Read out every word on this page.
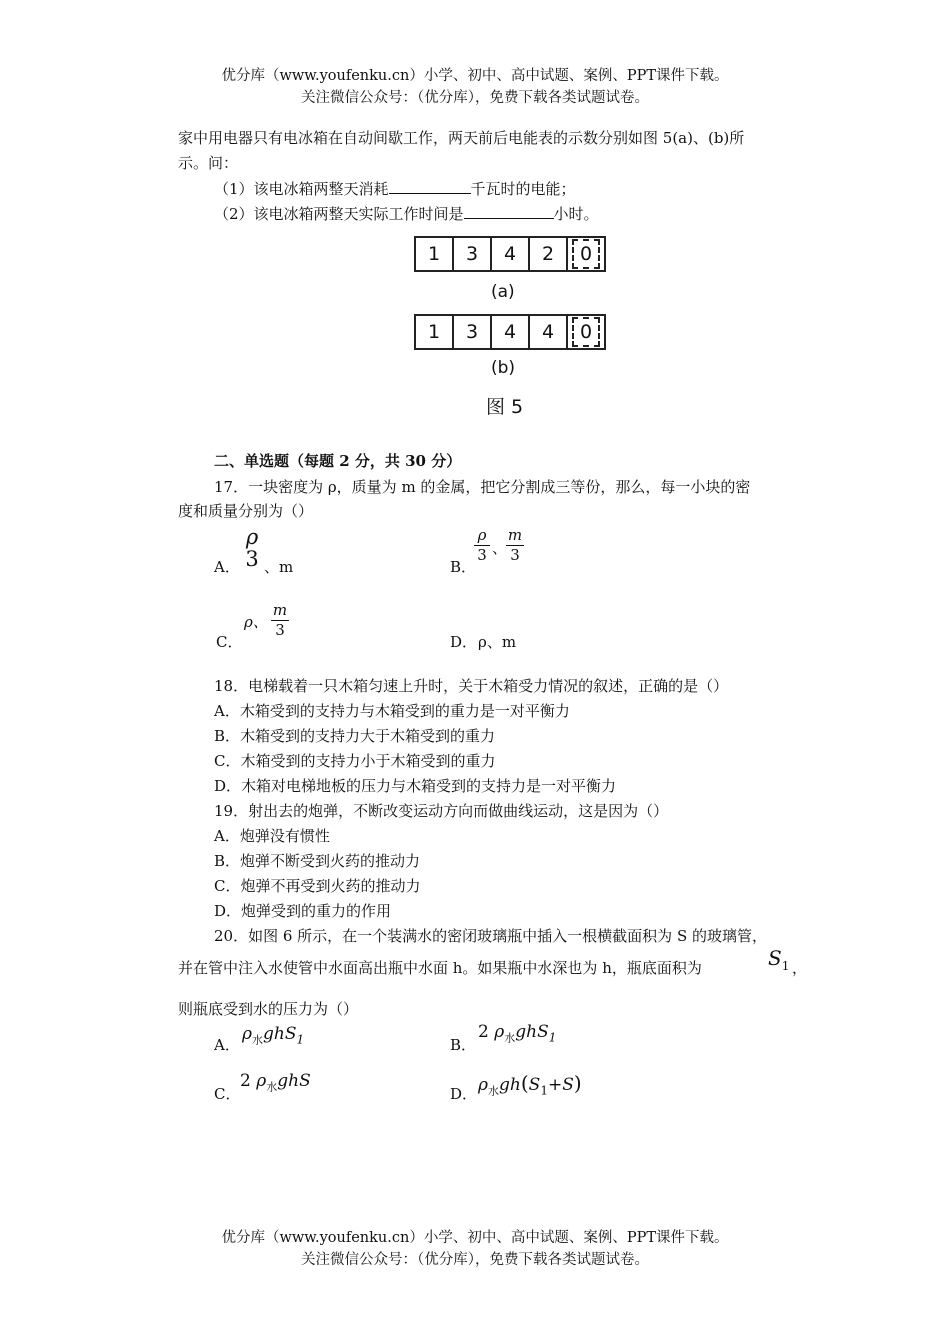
优分库（www.youfenku.cn）小学、初中、高中试题、案例、PPT课件下载。
关注微信公众号：（优分库），免费下载各类试题试卷。
家中用电器只有电冰箱在自动间歇工作，两天前后电能表的示数分别如图 5(a)、(b)所
示。问：
（1）该电冰箱两整天消耗	千瓦时的电能；
（2）该电冰箱两整天实际工作时间是	小时。
1	3	4	2	0
(a)
1	3	4	4	0
(b)
图 5
二、单选题（每题 2 分，共 30 分）
17．一块密度为 ρ，质量为 m 的金属，把它分割成三等份，那么，每一小块的密
度和质量分别为（）
A．
ρ
3 、m	B．
$\frac{\rho}{3}$ 、
$\frac{m}{3}$
C．
ρ、 $\frac{m}{3}$
D． ρ、m
18．电梯载着一只木箱匀速上升时，关于木箱受力情况的叙述，正确的是（）
A．木箱受到的支持力与木箱受到的重力是一对平衡力
B．木箱受到的支持力大于木箱受到的重力
C．木箱受到的支持力小于木箱受到的重力
D．木箱对电梯地板的压力与木箱受到的支持力是一对平衡力
19．射出去的炮弹，不断改变运动方向而做曲线运动，这是因为（）
A．炮弹没有惯性
B．炮弹不断受到火药的推动力
C．炮弹不再受到火药的推动力
D．炮弹受到的重力的作用
20．如图 6 所示，在一个装满水的密闭玻璃瓶中插入一根横截面积为 S 的玻璃管，
并在管中注入水使管中水面高出瓶中水面 h。如果瓶中水深也为 h，瓶底面积为	$S_1$ ，
则瓶底受到水的压力为（）
A．
$\rho_水ghS_1$	B．
2 $\rho_水ghS_1$
C．
2 $\rho_水ghS$
D． $\rho_水gh(S_1+S)$
优分库（www.youfenku.cn）小学、初中、高中试题、案例、PPT课件下载。
关注微信公众号：（优分库），免费下载各类试题试卷。
